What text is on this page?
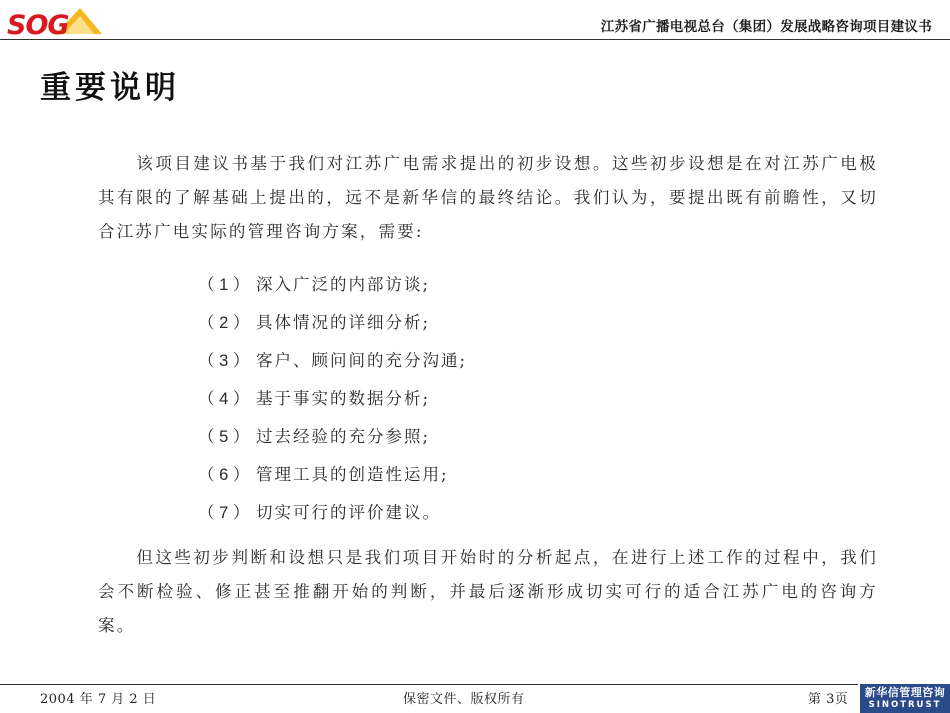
SOG	江苏省广播电视总台（集团）发展战略咨询项目建议书
重要说明
该项目建议书基于我们对江苏广电需求提出的初步设想。这些初步设想是在对江苏广电极其有限的了解基础上提出的，远不是新华信的最终结论。我们认为，要提出既有前瞻性，又切合江苏广电实际的管理咨询方案，需要:
（ 1 ） 深入广泛的内部访谈;
（ 2 ） 具体情况的详细分析;
（ 3 ） 客户、顾问间的充分沟通;
（ 4 ） 基于事实的数据分析;
（ 5 ） 过去经验的充分参照;
（ 6 ） 管理工具的创造性运用;
（ 7 ） 切实可行的评价建议。
但这些初步判断和设想只是我们项目开始时的分析起点，在进行上述工作的过程中，我们会不断检验、修正甚至推翻开始的判断，并最后逐渐形成切实可行的适合江苏广电的咨询方案。
2004 年 7 月 2 日	保密文件、版权所有	第 3页	新华信管理咨询
SINOTRUST
